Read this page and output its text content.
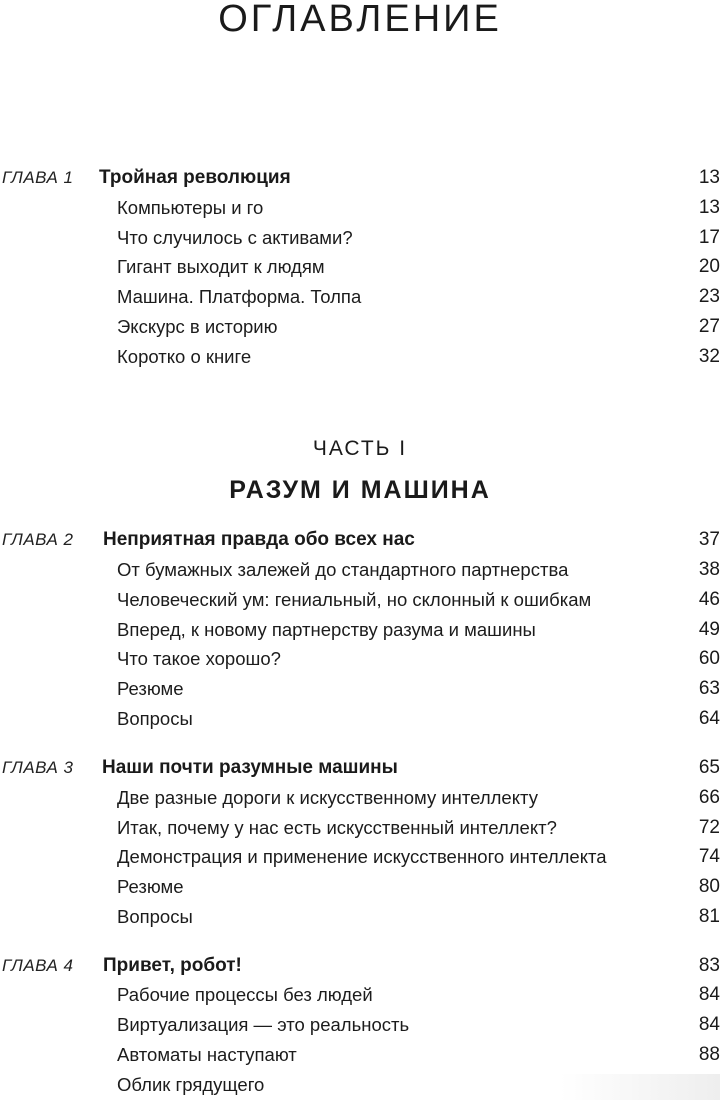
ОГЛАВЛЕНИЕ
ГЛАВА 1 Тройная революция	13
Компьютеры и го	13
Что случилось с активами?	17
Гигант выходит к людям	20
Машина. Платформа. Толпа	23
Экскурс в историю	27
Коротко о книге	32
ЧАСТЬ I
РАЗУМ И МАШИНА
ГЛАВА 2 Неприятная правда обо всех нас	37
От бумажных залежей до стандартного партнерства	38
Человеческий ум: гениальный, но склонный к ошибкам	46
Вперед, к новому партнерству разума и машины	49
Что такое хорошо?	60
Резюме	63
Вопросы	64
ГЛАВА 3 Наши почти разумные машины	65
Две разные дороги к искусственному интеллекту	66
Итак, почему у нас есть искусственный интеллект?	72
Демонстрация и применение искусственного интеллекта	74
Резюме	80
Вопросы	81
ГЛАВА 4 Привет, робот!	83
Рабочие процессы без людей	84
Виртуализация — это реальность	84
Автоматы наступают	88
Облик грядущего
